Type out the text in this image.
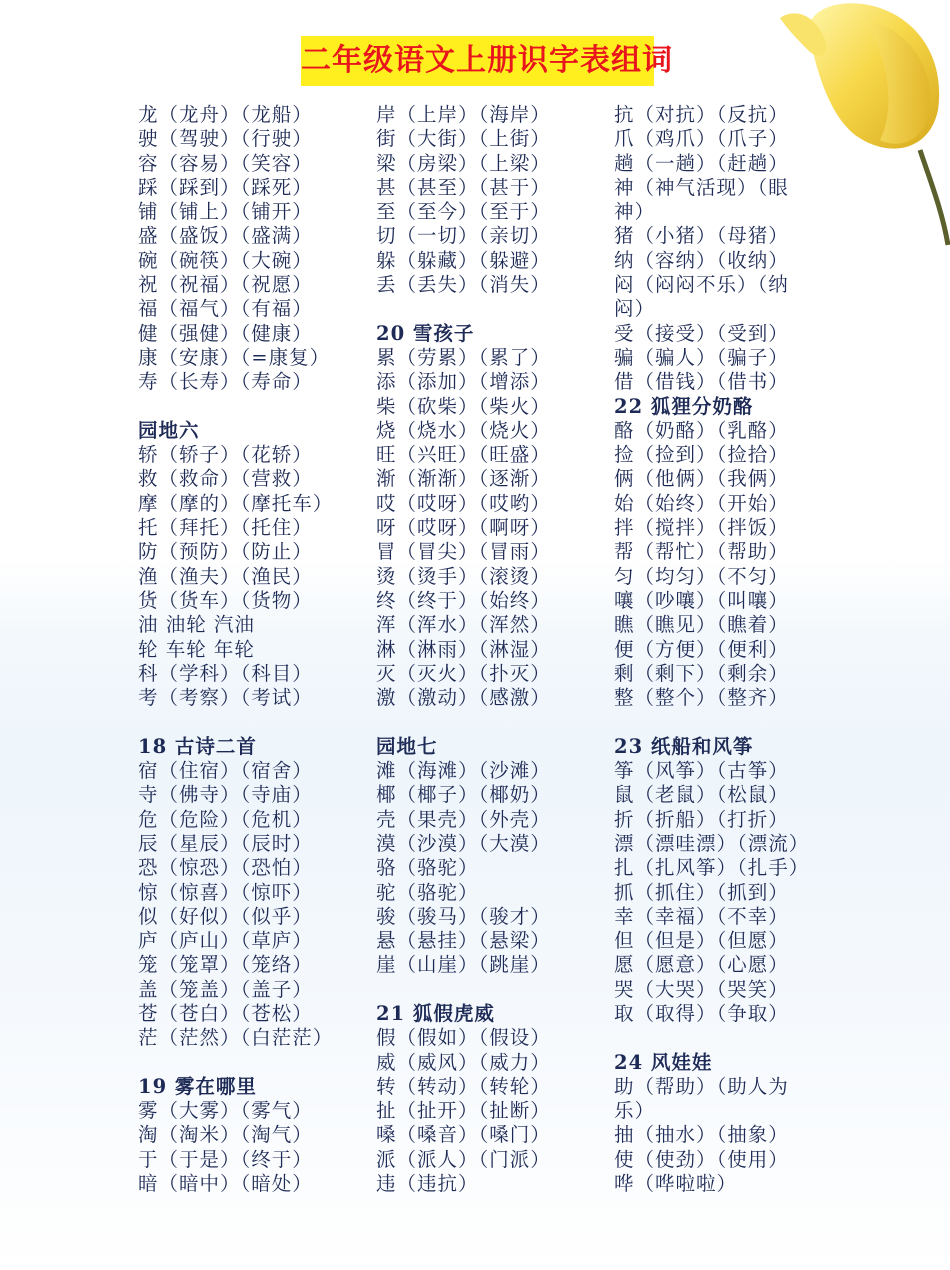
二年级语文上册识字表组词
龙（龙舟）（龙船）
驶（驾驶）（行驶）
容（容易）（笑容）
踩（踩到）（踩死）
铺（铺上）（铺开）
盛（盛饭）（盛满）
碗（碗筷）（大碗）
祝（祝福）（祝愿）
福（福气）（有福）
健（强健）（健康）
康（安康）（=康复）
寿（长寿）（寿命）
园地六
轿（轿子）（花轿）
救（救命）（营救）
摩（摩的）（摩托车）
托（拜托）（托住）
防（预防）（防止）
渔（渔夫）（渔民）
货（货车）（货物）
油 油轮 汽油
轮 车轮 年轮
科（学科）（科目）
考（考察）（考试）
18 古诗二首
宿（住宿）（宿舍）
寺（佛寺）（寺庙）
危（危险）（危机）
辰（星辰）（辰时）
恐（惊恐）（恐怕）
惊（惊喜）（惊吓）
似（好似）（似乎）
庐（庐山）（草庐）
笼（笼罩）（笼络）
盖（笼盖）（盖子）
苍（苍白）（苍松）
茫（茫然）（白茫茫）
19 雾在哪里
雾（大雾）（雾气）
淘（淘米）（淘气）
于（于是）（终于）
暗（暗中）（暗处）
岸（上岸）（海岸）
街（大街）（上街）
梁（房梁）（上梁）
甚（甚至）（甚于）
至（至今）（至于）
切（一切）（亲切）
躲（躲藏）（躲避）
丢（丢失）（消失）
20 雪孩子
累（劳累）（累了）
添（添加）（增添）
柴（砍柴）（柴火）
烧（烧水）（烧火）
旺（兴旺）（旺盛）
渐（渐渐）（逐渐）
哎（哎呀）（哎哟）
呀（哎呀）（啊呀）
冒（冒尖）（冒雨）
烫（烫手）（滚烫）
终（终于）（始终）
浑（浑水）（浑然）
淋（淋雨）（淋湿）
灭（灭火）（扑灭）
激（激动）（感激）
园地七
滩（海滩）（沙滩）
椰（椰子）（椰奶）
壳（果壳）（外壳）
漠（沙漠）（大漠）
骆（骆驼）
驼（骆驼）
骏（骏马）（骏才）
悬（悬挂）（悬梁）
崖（山崖）（跳崖）
21 狐假虎威
假（假如）（假设）
威（威风）（威力）
转（转动）（转轮）
扯（扯开）（扯断）
嗓（嗓音）（嗓门）
派（派人）（门派）
违（违抗）
抗（对抗）（反抗）
爪（鸡爪）（爪子）
趟（一趟）（赶趟）
神（神气活现）（眼
神）
猪（小猪）（母猪）
纳（容纳）（收纳）
闷（闷闷不乐）（纳
闷）
受（接受）（受到）
骗（骗人）（骗子）
借（借钱）（借书）
22 狐狸分奶酪
酪（奶酪）（乳酪）
捡（捡到）（捡拾）
俩（他俩）（我俩）
始（始终）（开始）
拌（搅拌）（拌饭）
帮（帮忙）（帮助）
匀（均匀）（不匀）
嚷（吵嚷）（叫嚷）
瞧（瞧见）（瞧着）
便（方便）（便利）
剩（剩下）（剩余）
整（整个）（整齐）
23 纸船和风筝
筝（风筝）（古筝）
鼠（老鼠）（松鼠）
折（折船）（打折）
漂（漂哇漂）（漂流）
扎（扎风筝）（扎手）
抓（抓住）（抓到）
幸（幸福）（不幸）
但（但是）（但愿）
愿（愿意）（心愿）
哭（大哭）（哭笑）
取（取得）（争取）
24 风娃娃
助（帮助）（助人为
乐）
抽（抽水）（抽象）
使（使劲）（使用）
哗（哗啦啦）
